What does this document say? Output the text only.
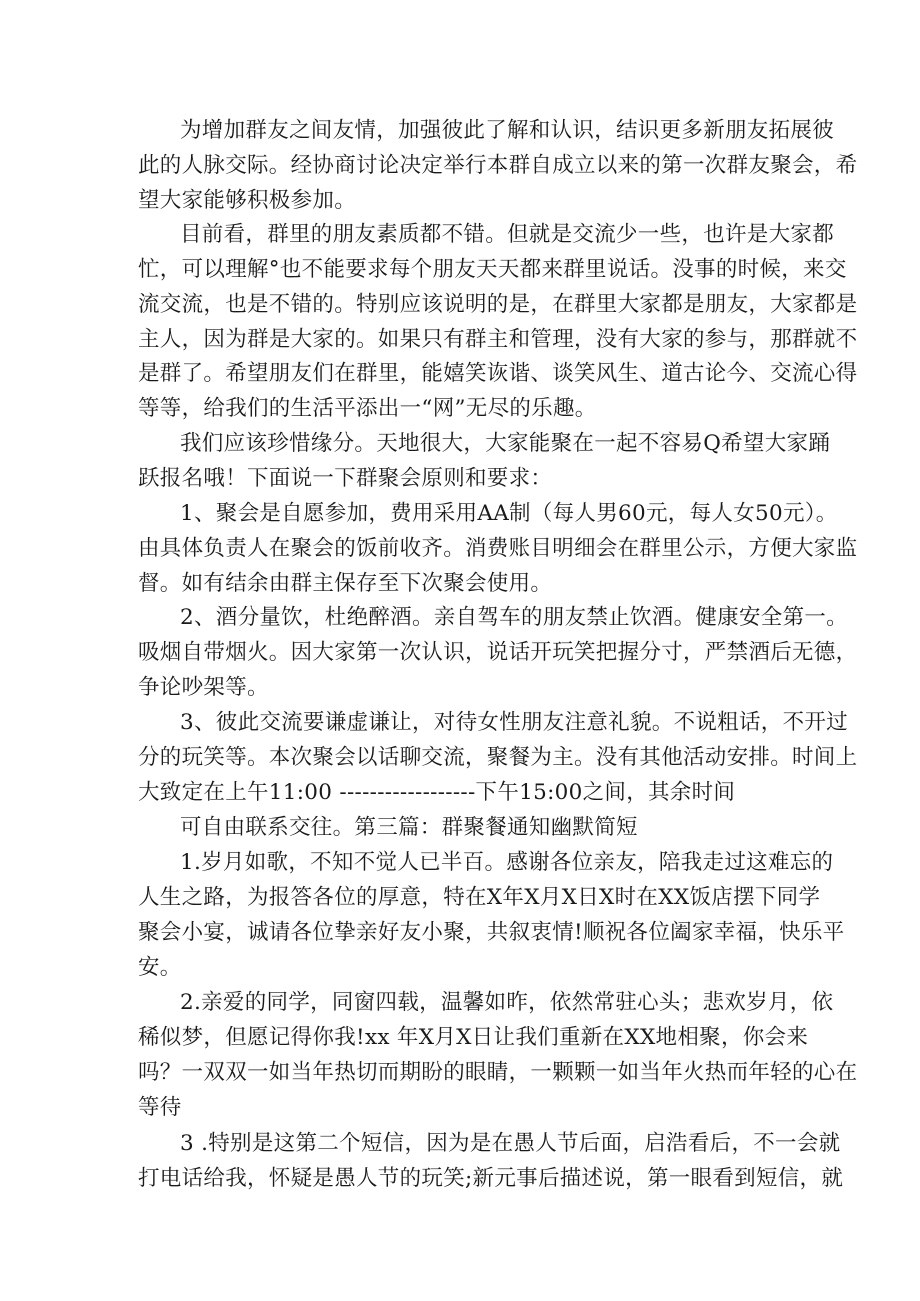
为增加群友之间友情，加强彼此了解和认识，结识更多新朋友拓展彼
此的人脉交际。经协商讨论决定举行本群自成立以来的第一次群友聚会，希
望大家能够积极参加。
目前看，群里的朋友素质都不错。但就是交流少一些，也许是大家都
忙，可以理解°也不能要求每个朋友天天都来群里说话。没事的时候，来交
流交流，也是不错的。特别应该说明的是，在群里大家都是朋友，大家都是
主人，因为群是大家的。如果只有群主和管理，没有大家的参与，那群就不
是群了。希望朋友们在群里，能嬉笑诙谐、谈笑风生、道古论今、交流心得
等等，给我们的生活平添出一“网”无尽的乐趣。
我们应该珍惜缘分。天地很大，大家能聚在一起不容易Q希望大家踊
跃报名哦！下面说一下群聚会原则和要求：
1、聚会是自愿参加，费用采用AA制（每人男60元，每人女50元）。
由具体负责人在聚会的饭前收齐。消费账目明细会在群里公示，方便大家监
督。如有结余由群主保存至下次聚会使用。
2、酒分量饮，杜绝醉酒。亲自驾车的朋友禁止饮酒。健康安全第一。
吸烟自带烟火。因大家第一次认识，说话开玩笑把握分寸，严禁酒后无德，
争论吵架等。
3、彼此交流要谦虚谦让，对待女性朋友注意礼貌。不说粗话，不开过
分的玩笑等。本次聚会以话聊交流，聚餐为主。没有其他活动安排。时间上
大致定在上午11:00 ------------------下午15:00之间，其余时间
可自由联系交往。第三篇：群聚餐通知幽默简短
1.岁月如歌，不知不觉人已半百。感谢各位亲友，陪我走过这难忘的
人生之路，为报答各位的厚意，特在X年X月X日X时在XX饭店摆下同学
聚会小宴，诚请各位挚亲好友小聚，共叙衷情!顺祝各位阖家幸福，快乐平
安。
2.亲爱的同学，同窗四载，温馨如昨，依然常驻心头；悲欢岁月，依
稀似梦，但愿记得你我!xx 年X月X日让我们重新在XX地相聚，你会来
吗？一双双一如当年热切而期盼的眼睛，一颗颗一如当年火热而年轻的心在
等待
3 .特别是这第二个短信，因为是在愚人节后面，启浩看后，不一会就
打电话给我，怀疑是愚人节的玩笑;新元事后描述说，第一眼看到短信，就
